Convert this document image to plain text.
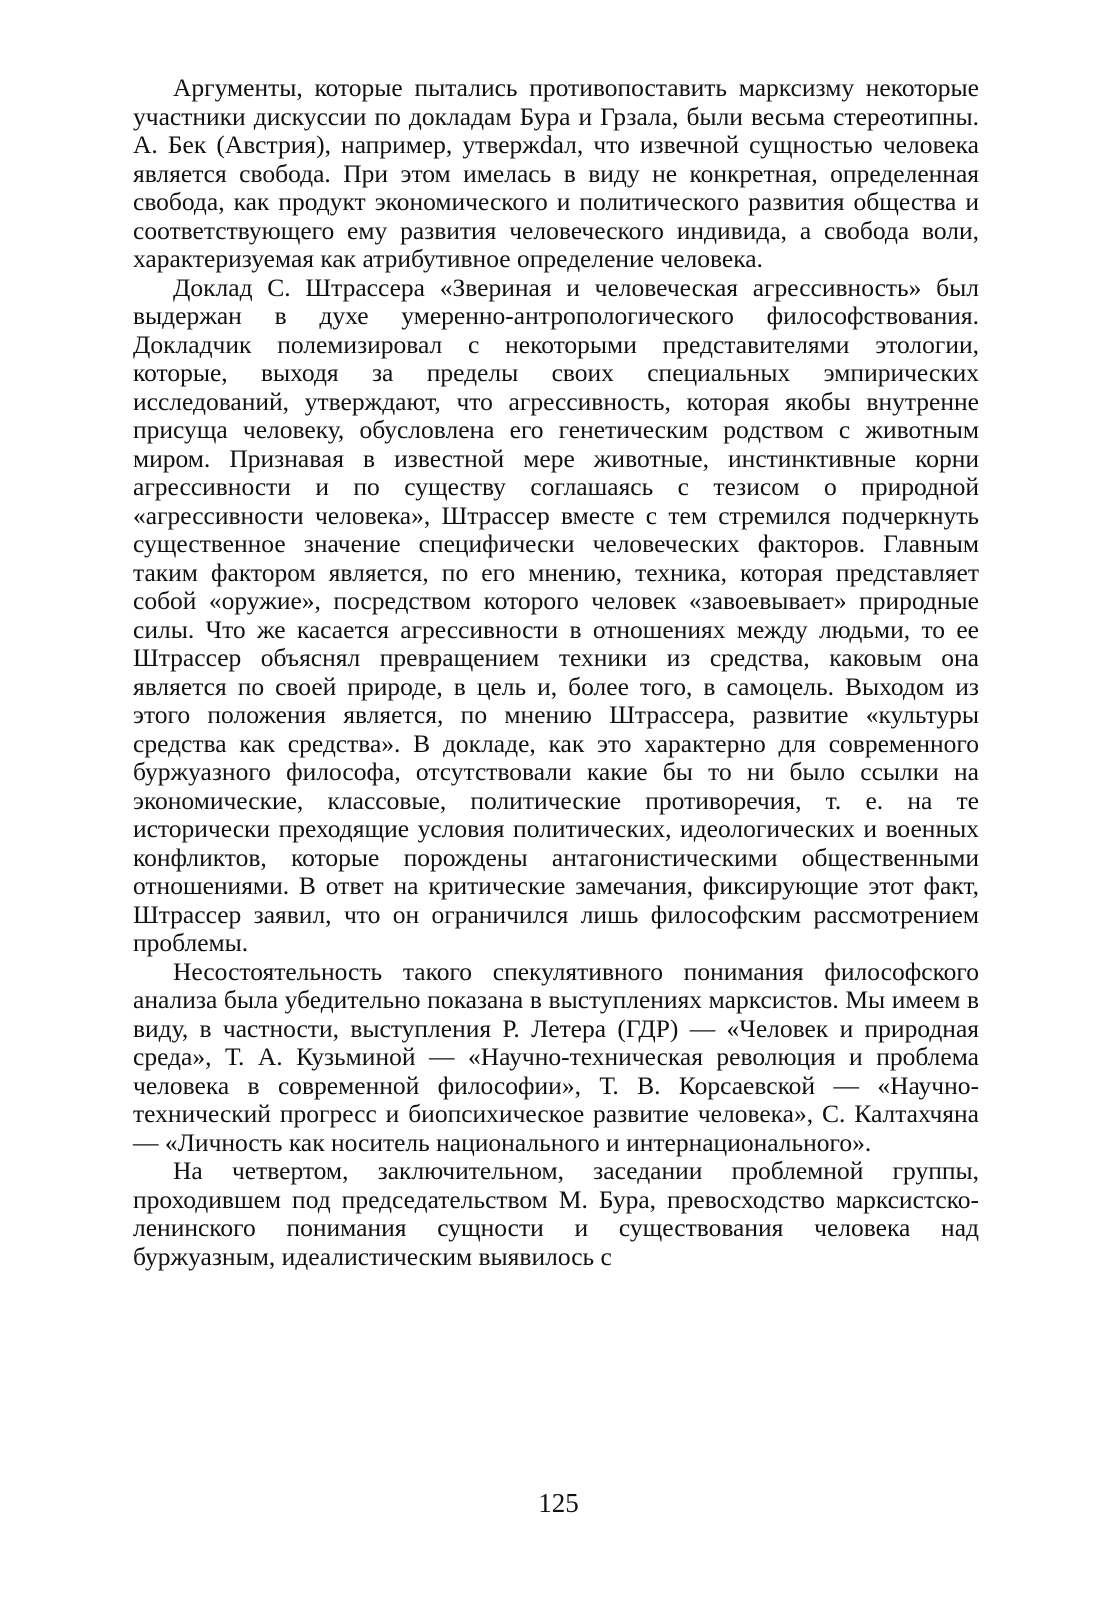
Аргументы, которые пытались противопоставить марксизму некоторые участники дискуссии по докладам Бура и Грзала, были весьма стереотипны. А. Бек (Австрия), например, утвержdал, что извечной сущностью человека является свобода. При этом имелась в виду не конкретная, определенная свобода, как продукт экономического и политического развития общества и соответствующего ему развития человеческого индивида, а свобода воли, характеризуемая как атрибутивное определение человека.

Доклад С. Штрассера «Звериная и человеческая агрессивность» был выдержан в духе умеренно-антропологического философствования. Докладчик полемизировал с некоторыми представителями этологии, которые, выходя за пределы своих специальных эмпирических исследований, утверждают, что агрессивность, которая якобы внутренне присуща человеку, обусловлена его генетическим родством с животным миром. Признавая в известной мере животные, инстинктивные корни агрессивности и по существу соглашаясь с тезисом о природной «агрессивности человека», Штрассер вместе с тем стремился подчеркнуть существенное значение специфически человеческих факторов. Главным таким фактором является, по его мнению, техника, которая представляет собой «оружие», посредством которого человек «завоевывает» природные силы. Что же касается агрессивности в отношениях между людьми, то ее Штрассер объяснял превращением техники из средства, каковым она является по своей природе, в цель и, более того, в самоцель. Выходом из этого положения является, по мнению Штрассера, развитие «культуры средства как средства». В докладе, как это характерно для современного буржуазного философа, отсутствовали какие бы то ни было ссылки на экономические, классовые, политические противоречия, т. е. на те исторически преходящие условия политических, идеологических и военных конфликтов, которые порождены антагонистическими общественными отношениями. В ответ на критические замечания, фиксирующие этот факт, Штрассер заявил, что он ограничился лишь философским рассмотрением проблемы.

Несостоятельность такого спекулятивного понимания философского анализа была убедительно показана в выступлениях марксистов. Мы имеем в виду, в частности, выступления Р. Летера (ГДР) — «Человек и природная среда», Т. А. Кузьминой — «Научно-техническая революция и проблема человека в современной философии», Т. В. Корсаевской — «Научно-технический прогресс и биопсихическое развитие человека», С. Калтахчяна — «Личность как носитель национального и интернационального».

На четвертом, заключительном, заседании проблемной группы, проходившем под председательством М. Бура, превосходство марксистско-ленинского понимания сущности и существования человека над буржуазным, идеалистическим выявилось с

125
